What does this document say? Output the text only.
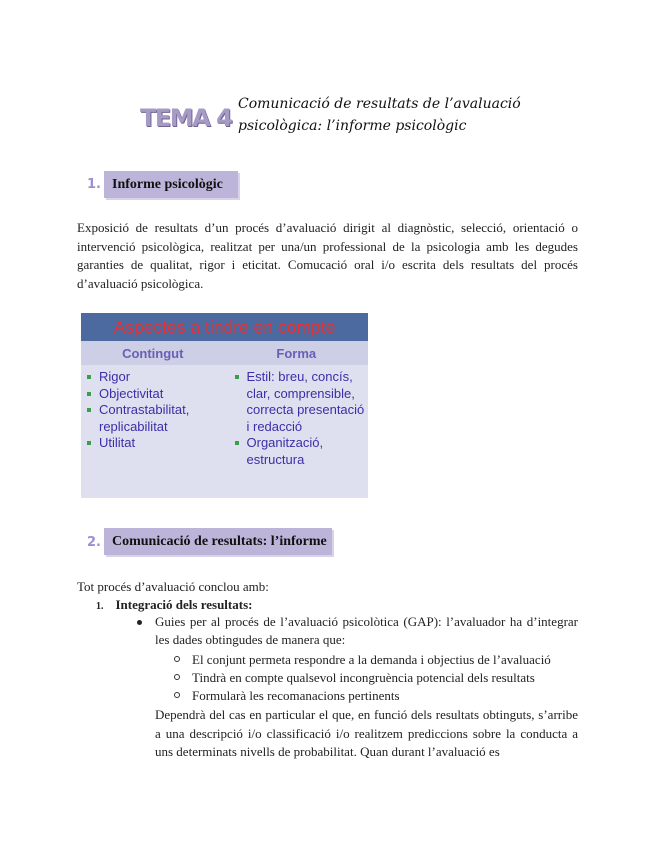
TEMA 4 Comunicació de resultats de l’avaluació
psicològica: l’informe psicològic
1. Informe psicològic
Exposició de resultats d’un procés d’avaluació dirigit al diagnòstic, selecció, orientació o intervenció psicològica, realitzat per una/un professional de la psicologia amb les degudes garanties de qualitat, rigor i eticitat. Comucació oral i/o escrita dels resultats del procés d’avaluació psicològica.
Aspectes a tindre en compte
Contingut	Forma
Rigor
Objectivitat
Contrastabilitat, replicabilitat
Utilitat
Estil: breu, concís, clar, comprensible, correcta presentació i redacció
Organització, estructura
2. Comunicació de resultats: l’informe
Tot procés d’avaluació conclou amb:
1. Integració dels resultats:
Guies per al procés de l’avaluació psicolòtica (GAP): l’avaluador ha d’integrar les dades obtingudes de manera que:
El conjunt permeta respondre a la demanda i objectius de l’avaluació
Tindrà en compte qualsevol incongruència potencial dels resultats
Formularà les recomanacions pertinents
Dependrà del cas en particular el que, en funció dels resultats obtinguts, s’arribe a una descripció i/o classificació i/o realitzem prediccions sobre la conducta a uns determinats nivells de probabilitat. Quan durant l’avaluació es
